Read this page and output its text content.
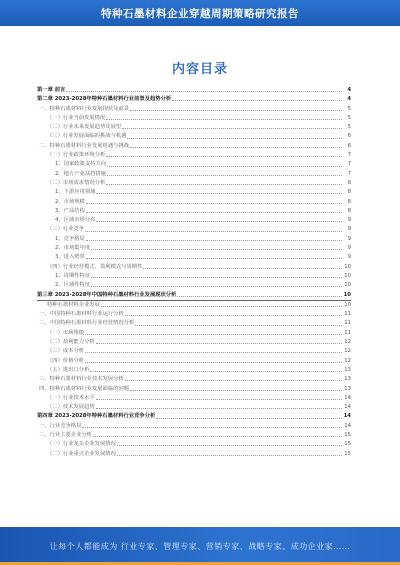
特种石墨材料企业穿越周期策略研究报告
内容目录
第一章 前言	4
第二章 2023-2028年特种石墨材料行业前景及趋势分析	4
一、特种石墨材料行业发展现状及前景	5
（一）行业当前发展情况	5
（二）行业未来发展趋势及展望	5
（三）行业发展面临的挑战与机遇	6
二、特种石墨材料行业发展机遇与挑战	6
（一）行业政策环境分析	7
1、国家政策支持方向	7
2、地方产业扶持措施	7
（二）市场需求情况分析	8
1、下游应用领域	8
2、市场规模	8
3、产品结构	8
4、区域市场分布	9
（三）行业竞争	9
1、竞争格局	9
2、市场集中度	9
3、进入壁垒	9
（四）行业经营模式、盈利模式与周期性	10
1、周期性特征	10
2、区域性特征	10
第三章 2023-2028年中国特种石墨材料行业发展现状分析	10
特种石墨材料企业发展	10
一、中国特种石墨材料行业运行分析	11
二、中国特种石墨材料行业经营情况分析	11
（一）市场规模	11
（二）盈利能力分析	12
（三）成本分析	12
（四）价格分析	12
（五）进出口分析	13
三、特种石墨材料行业技术发展分析	13
四、特种石墨材料行业发展面临的问题	13
（一）行业技术水平	14
（二）技术发展趋势	14
第四章 2023-2028年特种石墨材料行业竞争分析	14
一、行业竞争格局	14
二、行业主要企业分析	15
（一）行业龙头企业发展情况	15
（二）行业重点企业发展情况	15
让每个人都能成为 行业专家、管理专家、营销专家、战略专家、成功企业家……
